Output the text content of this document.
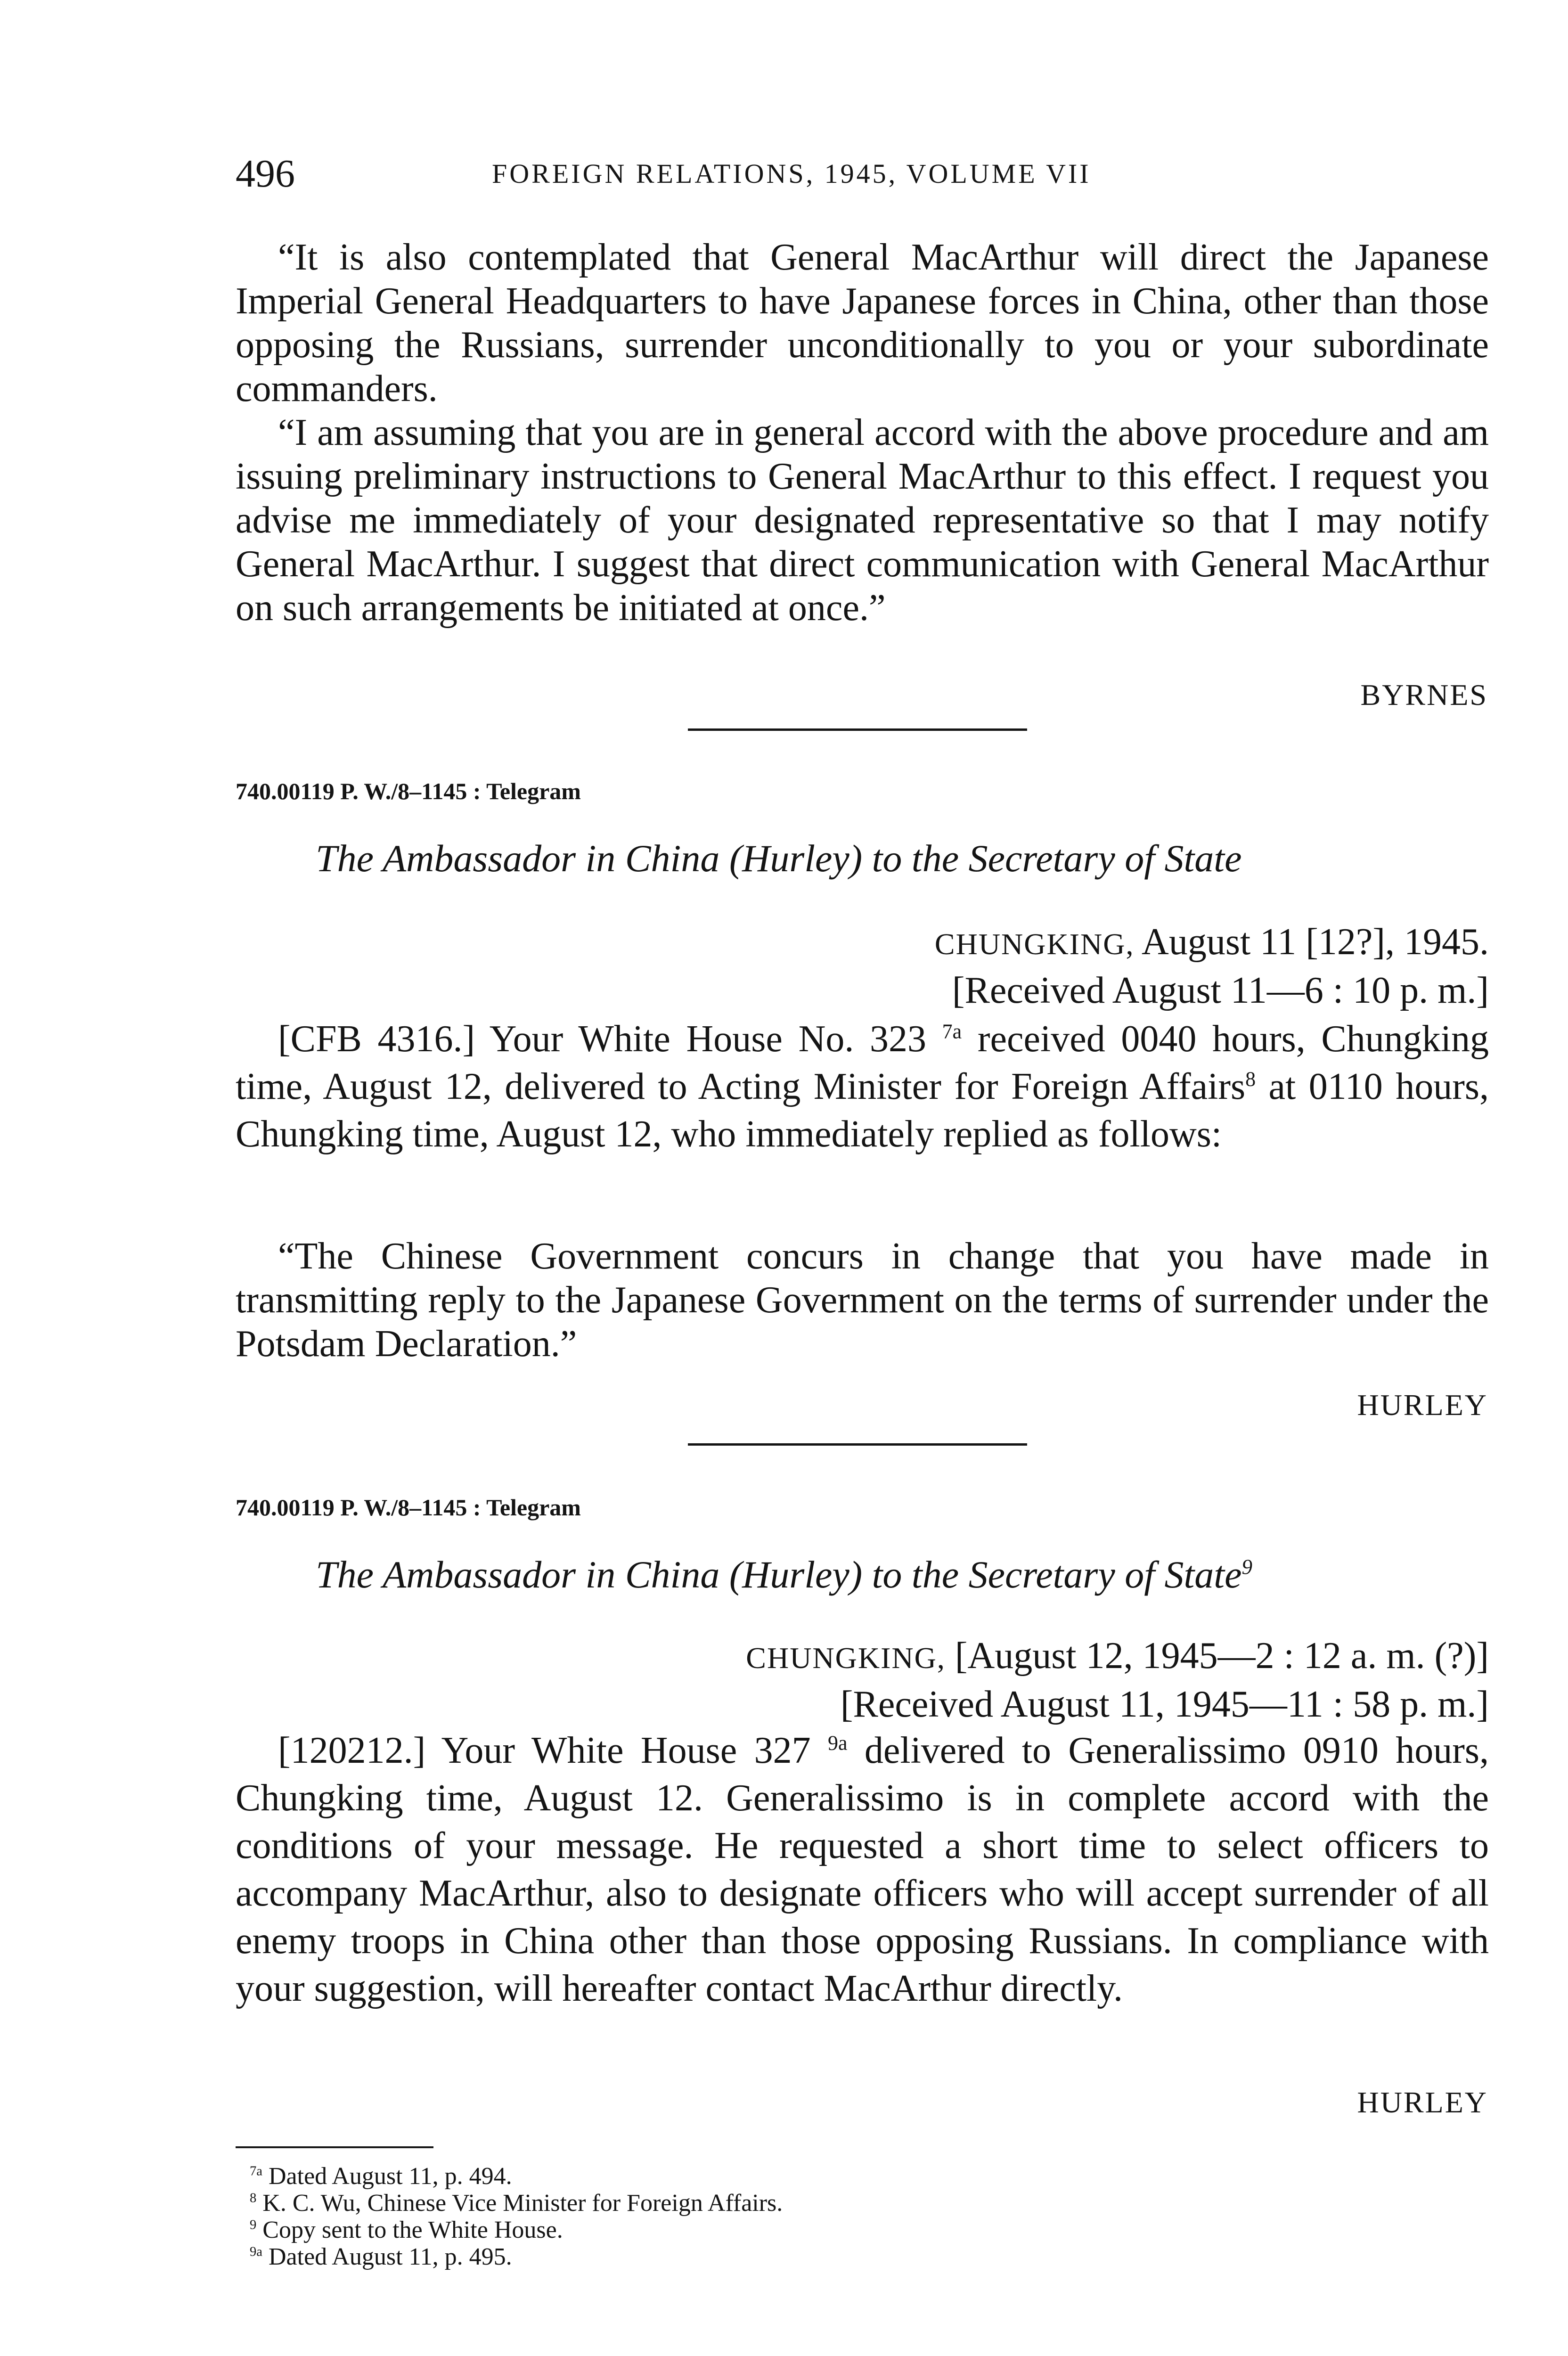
496	FOREIGN RELATIONS, 1945, VOLUME VII
“It is also contemplated that General MacArthur will direct the Japanese Imperial General Headquarters to have Japanese forces in China, other than those opposing the Russians, surrender unconditionally to you or your subordinate commanders.
“I am assuming that you are in general accord with the above procedure and am issuing preliminary instructions to General MacArthur to this effect. I request you advise me immediately of your designated representative so that I may notify General MacArthur. I suggest that direct communication with General MacArthur on such arrangements be initiated at once.”
BYRNES
740.00119 P. W./8–1145 : Telegram
The Ambassador in China (Hurley) to the Secretary of State
CHUNGKING, August 11 [12?], 1945.
[Received August 11—6 : 10 p. m.]
[CFB 4316.] Your White House No. 323 $^{7a}$ received 0040 hours, Chungking time, August 12, delivered to Acting Minister for Foreign Affairs$^8$ at 0110 hours, Chungking time, August 12, who immediately replied as follows:
“The Chinese Government concurs in change that you have made in transmitting reply to the Japanese Government on the terms of surrender under the Potsdam Declaration.”
HURLEY
740.00119 P. W./8–1145 : Telegram
The Ambassador in China (Hurley) to the Secretary of State$^9$
CHUNGKING, [August 12, 1945—2 : 12 a. m. (?)]
[Received August 11, 1945—11 : 58 p. m.]
[120212.] Your White House 327 $^{9a}$ delivered to Generalissimo 0910 hours, Chungking time, August 12. Generalissimo is in complete accord with the conditions of your message. He requested a short time to select officers to accompany MacArthur, also to designate officers who will accept surrender of all enemy troops in China other than those opposing Russians. In compliance with your suggestion, will hereafter contact MacArthur directly.
HURLEY
$^{7a}$ Dated August 11, p. 494.
$^8$ K. C. Wu, Chinese Vice Minister for Foreign Affairs.
$^9$ Copy sent to the White House.
$^{9a}$ Dated August 11, p. 495.
